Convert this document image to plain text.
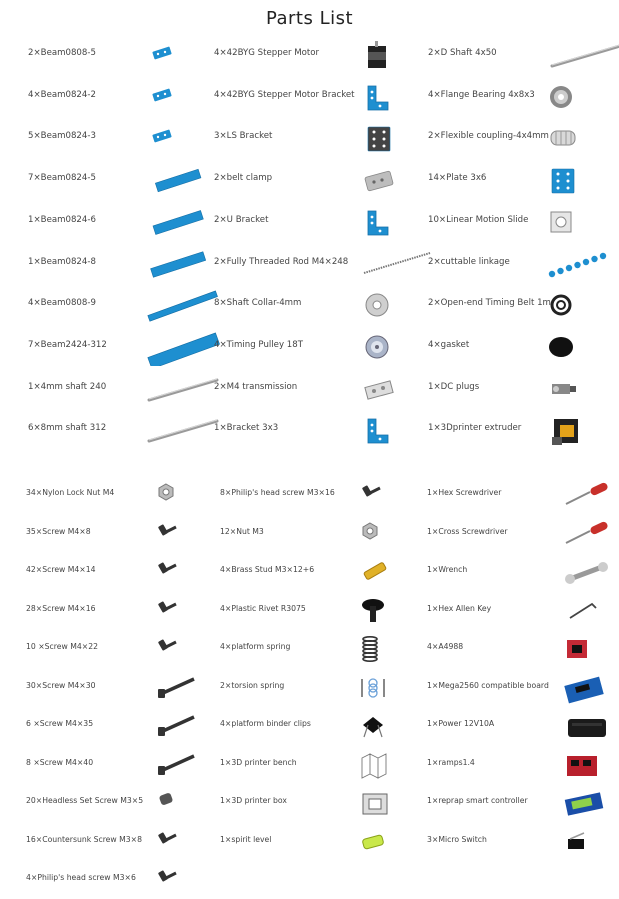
Parts List
2×Beam0808-5
4×Beam0824-2
5×Beam0824-3
7×Beam0824-5
1×Beam0824-6
1×Beam0824-8
4×Beam0808-9
7×Beam2424-312
1×4mm shaft 240
6×8mm shaft 312
4×42BYG Stepper Motor
4×42BYG Stepper Motor Bracket
3×LS Bracket
2×belt clamp
2×U Bracket
2×Fully Threaded Rod M4×248
8×Shaft Collar-4mm
4×Timing Pulley 18T
2×M4 transmission
1×Bracket 3x3
2×D Shaft 4x50
4×Flange Bearing 4x8x3
2×Flexible coupling-4x4mm
14×Plate 3x6
10×Linear Motion Slide
2×cuttable linkage
2×Open-end Timing Belt 1m
4×gasket
1×DC plugs
1×3Dprinter extruder
34×Nylon Lock Nut M4
35×Screw M4×8
42×Screw M4×14
28×Screw M4×16
10 ×Screw M4×22
30×Screw M4×30
6 ×Screw M4×35
8 ×Screw M4×40
20×Headless Set Screw M3×5
16×Countersunk Screw M3×8
4×Philip's head screw M3×6
8×Philip's head screw M3×16
12×Nut M3
4×Brass Stud M3×12+6
4×Plastic Rivet R3075
4×platform spring
2×torsion spring
4×platform binder clips
1×3D printer bench
1×3D printer box
1×spirit level
1×Hex Screwdriver
1×Cross Screwdriver
1×Wrench
1×Hex Allen Key
4×A4988
1×Mega2560 compatible board
1×Power 12V10A
1×ramps1.4
1×reprap smart controller
3×Micro Switch
